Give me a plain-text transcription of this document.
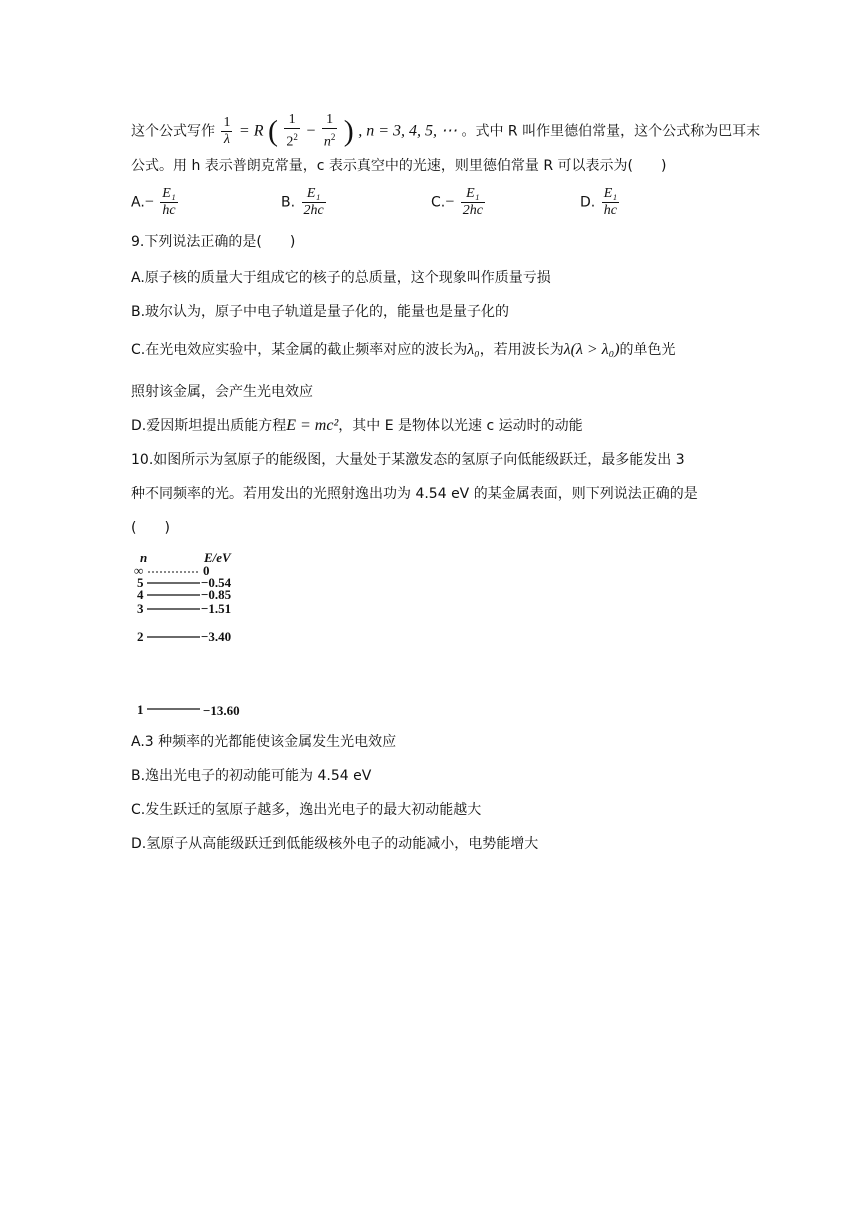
这个公式写作 $\frac{1}{\lambda} = R$ ( $\frac{1}{2^2} - \frac{1}{n^2}$ ) , n = 3, 4, 5, ⋯ 。式中 R 叫作里德伯常量，这个公式称为巴耳末
公式。用 h 表示普朗克常量，c 表示真空中的光速，则里德伯常量 R 可以表示为(　　)
$A.- \frac{\text{E₁}}{hc}$	B. $\frac{\text{E₁}}{2hc}$	$C.- \frac{\text{E₁}}{2hc}$	D. $\frac{\text{E₁}}{hc}$
9.下列说法正确的是(　　)
A.原子核的质量大于组成它的核子的总质量，这个现象叫作质量亏损
B.玻尔认为，原子中电子轨道是量子化的，能量也是量子化的
C.在光电效应实验中，某金属的截止频率对应的波长为λ₀，若用波长为λ(λ > λ₀)的单色光
照射该金属，会产生光电效应
D.爱因斯坦提出质能方程E = mc²，其中 E 是物体以光速 c 运动时的动能
10.如图所示为氢原子的能级图，大量处于某激发态的氢原子向低能级跃迁，最多能发出 3
种不同频率的光。若用发出的光照射逸出功为 4.54 eV 的某金属表面，则下列说法正确的是
(　　)
n	E/eV
∞	0
5	−0.54
4	−0.85
3	−1.51
2	−3.40
1	−13.60
A.3 种频率的光都能使该金属发生光电效应
B.逸出光电子的初动能可能为 4.54 eV
C.发生跃迁的氢原子越多，逸出光电子的最大初动能越大
D.氢原子从高能级跃迁到低能级核外电子的动能减小，电势能增大
